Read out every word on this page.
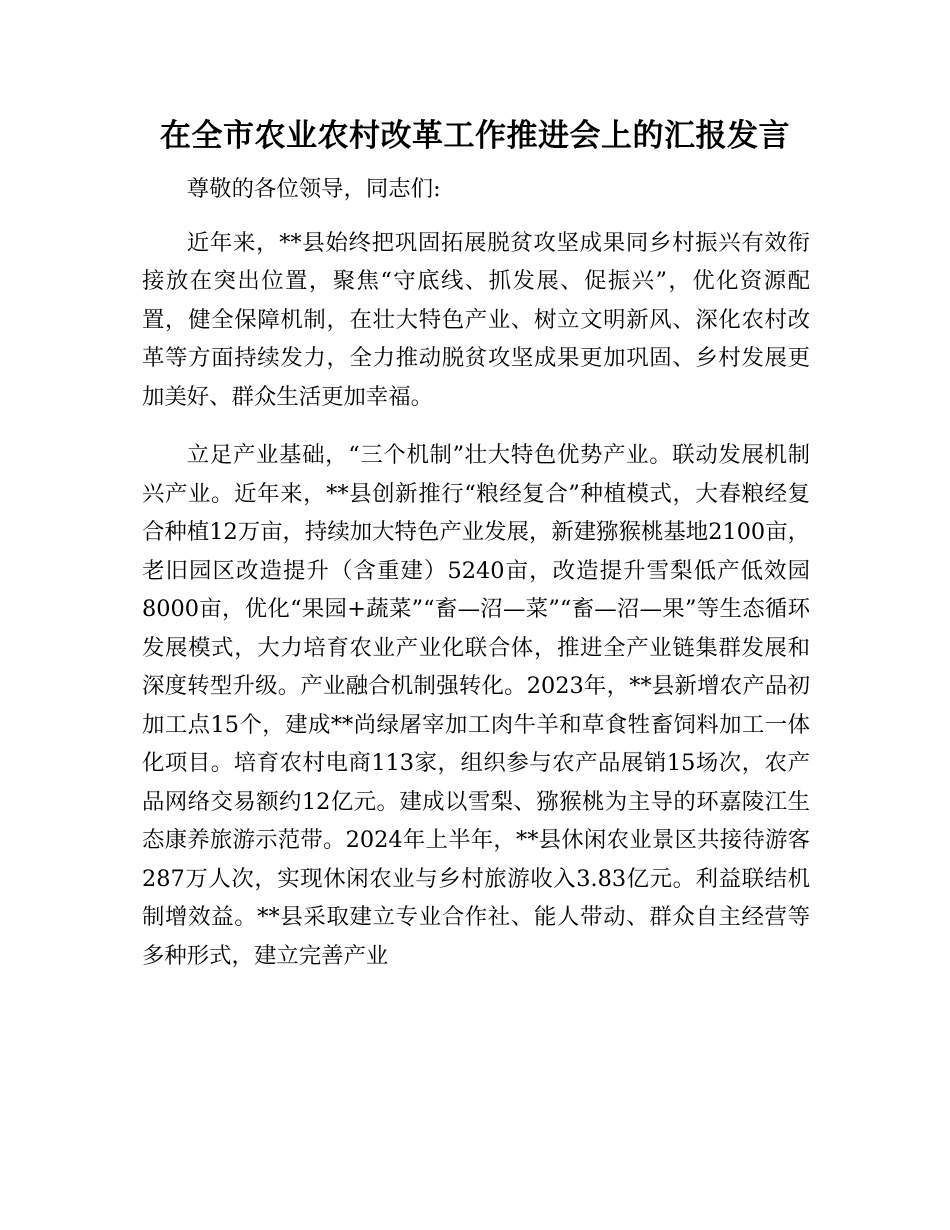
在全市农业农村改革工作推进会上的汇报发言

尊敬的各位领导，同志们:

近年来，**县始终把巩固拓展脱贫攻坚成果同乡村振兴有效衔接放在突出位置，聚焦“守底线、抓发展、促振兴”，优化资源配置，健全保障机制，在壮大特色产业、树立文明新风、深化农村改革等方面持续发力，全力推动脱贫攻坚成果更加巩固、乡村发展更加美好、群众生活更加幸福。

立足产业基础，“三个机制”壮大特色优势产业。联动发展机制兴产业。近年来，**县创新推行“粮经复合”种植模式，大春粮经复合种植12万亩，持续加大特色产业发展，新建猕猴桃基地2100亩，老旧园区改造提升（含重建）5240亩，改造提升雪梨低产低效园8000亩，优化“果园+蔬菜”“畜—沼—菜”“畜—沼—果”等生态循环发展模式，大力培育农业产业化联合体，推进全产业链集群发展和深度转型升级。产业融合机制强转化。2023年，**县新增农产品初加工点15个，建成**尚绿屠宰加工肉牛羊和草食牲畜饲料加工一体化项目。培育农村电商113家，组织参与农产品展销15场次，农产品网络交易额约12亿元。建成以雪梨、猕猴桃为主导的环嘉陵江生态康养旅游示范带。2024年上半年，**县休闲农业景区共接待游客287万人次，实现休闲农业与乡村旅游收入3.83亿元。利益联结机制增效益。**县采取建立专业合作社、能人带动、群众自主经营等多种形式，建立完善产业
